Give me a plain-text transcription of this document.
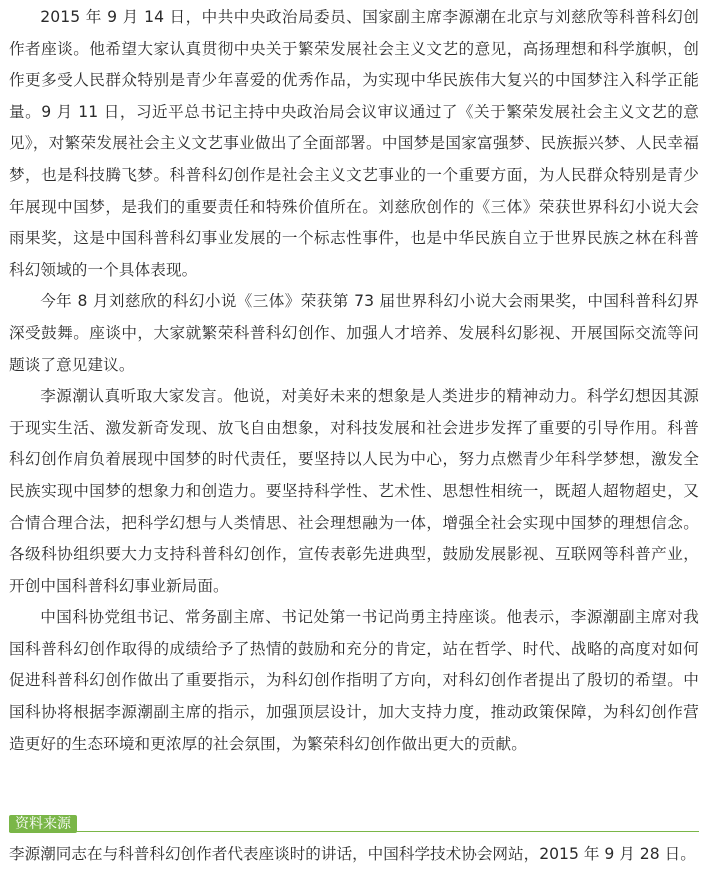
2015 年 9 月 14 日，中共中央政治局委员、国家副主席李源潮在北京与刘慈欣等科普科幻创作者座谈。他希望大家认真贯彻中央关于繁荣发展社会主义文艺的意见，高扬理想和科学旗帜，创作更多受人民群众特别是青少年喜爱的优秀作品，为实现中华民族伟大复兴的中国梦注入科学正能量。9 月 11 日，习近平总书记主持中央政治局会议审议通过了《关于繁荣发展社会主义文艺的意见》，对繁荣发展社会主义文艺事业做出了全面部署。中国梦是国家富强梦、民族振兴梦、人民幸福梦，也是科技腾飞梦。科普科幻创作是社会主义文艺事业的一个重要方面，为人民群众特别是青少年展现中国梦，是我们的重要责任和特殊价值所在。刘慈欣创作的《三体》荣获世界科幻小说大会雨果奖，这是中国科普科幻事业发展的一个标志性事件，也是中华民族自立于世界民族之林在科普科幻领域的一个具体表现。

今年 8 月刘慈欣的科幻小说《三体》荣获第 73 届世界科幻小说大会雨果奖，中国科普科幻界深受鼓舞。座谈中，大家就繁荣科普科幻创作、加强人才培养、发展科幻影视、开展国际交流等问题谈了意见建议。

李源潮认真听取大家发言。他说，对美好未来的想象是人类进步的精神动力。科学幻想因其源于现实生活、激发新奇发现、放飞自由想象，对科技发展和社会进步发挥了重要的引导作用。科普科幻创作肩负着展现中国梦的时代责任，要坚持以人民为中心，努力点燃青少年科学梦想，激发全民族实现中国梦的想象力和创造力。要坚持科学性、艺术性、思想性相统一，既超人超物超史，又合情合理合法，把科学幻想与人类情思、社会理想融为一体，增强全社会实现中国梦的理想信念。各级科协组织要大力支持科普科幻创作，宣传表彰先进典型，鼓励发展影视、互联网等科普产业，开创中国科普科幻事业新局面。

中国科协党组书记、常务副主席、书记处第一书记尚勇主持座谈。他表示，李源潮副主席对我国科普科幻创作取得的成绩给予了热情的鼓励和充分的肯定，站在哲学、时代、战略的高度对如何促进科普科幻创作做出了重要指示，为科幻创作指明了方向，对科幻创作者提出了殷切的希望。中国科协将根据李源潮副主席的指示，加强顶层设计，加大支持力度，推动政策保障，为科幻创作营造更好的生态环境和更浓厚的社会氛围，为繁荣科幻创作做出更大的贡献。

资料来源

李源潮同志在与科普科幻创作者代表座谈时的讲话，中国科学技术协会网站，2015 年 9 月 28 日。
